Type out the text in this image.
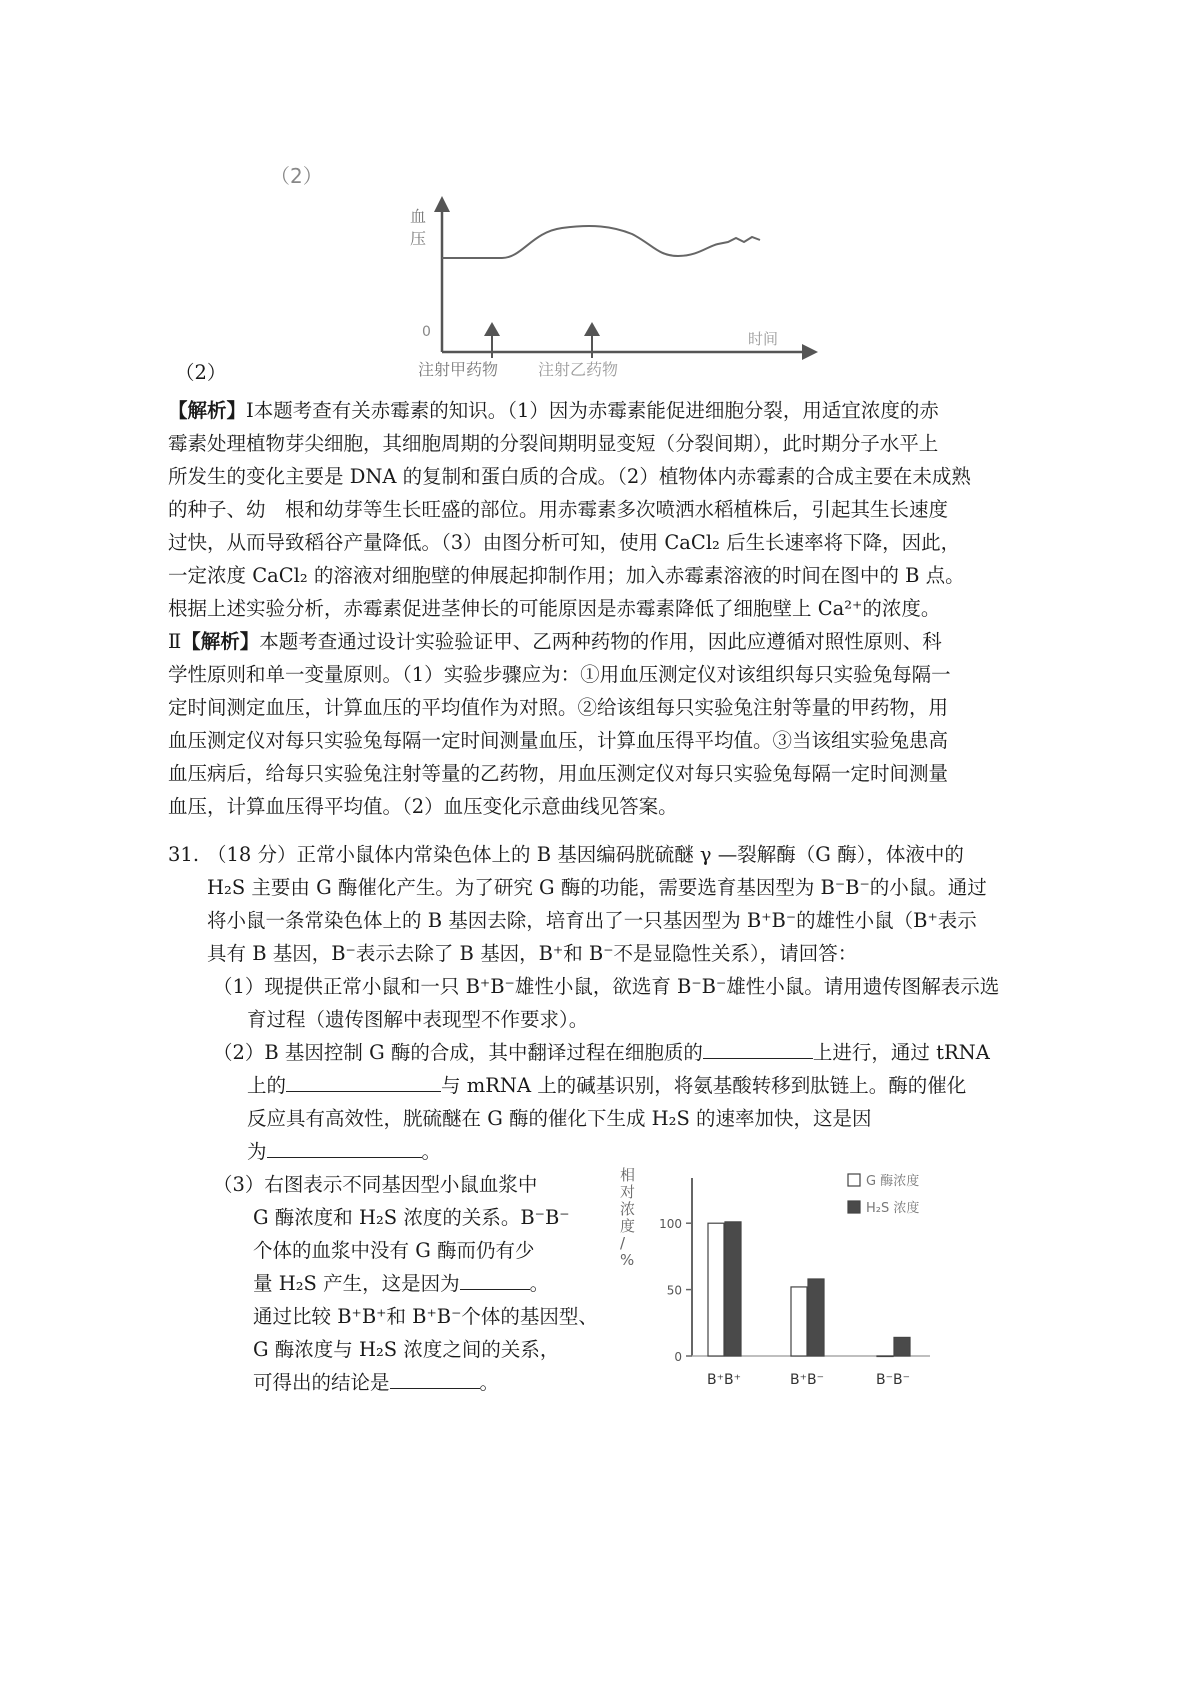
（2）
血压
0	时间
注射甲药物 注射乙药物
（2）
【解析】Ⅰ本题考查有关赤霉素的知识。（1）因为赤霉素能促进细胞分裂，用适宜浓度的赤
霉素处理植物芽尖细胞，其细胞周期的分裂间期明显变短（分裂间期），此时期分子水平上
所发生的变化主要是 DNA 的复制和蛋白质的合成。（2）植物体内赤霉素的合成主要在未成熟
的种子、幼　根和幼芽等生长旺盛的部位。用赤霉素多次喷洒水稻植株后，引起其生长速度
过快，从而导致稻谷产量降低。（3）由图分析可知，使用 CaCl₂ 后生长速率将下降，因此，
一定浓度 CaCl₂ 的溶液对细胞壁的伸展起抑制作用；加入赤霉素溶液的时间在图中的 B 点。
根据上述实验分析，赤霉素促进茎伸长的可能原因是赤霉素降低了细胞壁上 Ca²⁺的浓度。
Ⅱ【解析】本题考查通过设计实验验证甲、乙两种药物的作用，因此应遵循对照性原则、科
学性原则和单一变量原则。（1）实验步骤应为：①用血压测定仪对该组织每只实验兔每隔一
定时间测定血压，计算血压的平均值作为对照。②给该组每只实验兔注射等量的甲药物，用
血压测定仪对每只实验兔每隔一定时间测量血压，计算血压得平均值。③当该组实验兔患高
血压病后，给每只实验兔注射等量的乙药物，用血压测定仪对每只实验兔每隔一定时间测量
血压，计算血压得平均值。（2）血压变化示意曲线见答案。
31. （18 分）正常小鼠体内常染色体上的 B 基因编码胱硫醚 γ —裂解酶（G 酶），体液中的
H₂S 主要由 G 酶催化产生。为了研究 G 酶的功能，需要选育基因型为 B⁻B⁻的小鼠。通过
将小鼠一条常染色体上的 B 基因去除，培育出了一只基因型为 B⁺B⁻的雄性小鼠（B⁺表示
具有 B 基因，B⁻表示去除了 B 基因，B⁺和 B⁻不是显隐性关系），请回答：
（1）现提供正常小鼠和一只 B⁺B⁻雄性小鼠，欲选育 B⁻B⁻雄性小鼠。请用遗传图解表示选
育过程（遗传图解中表现型不作要求）。
（2）B 基因控制 G 酶的合成，其中翻译过程在细胞质的	上进行，通过 tRNA
上的	与 mRNA 上的碱基识别，将氨基酸转移到肽链上。酶的催化
反应具有高效性，胱硫醚在 G 酶的催化下生成 H₂S 的速率加快，这是因
为	。
（3）右图表示不同基因型小鼠血浆中
G 酶浓度和 H₂S 浓度的关系。B⁻B⁻
个体的血浆中没有 G 酶而仍有少
量 H₂S 产生，这是因为	。
通过比较 B⁺B⁺和 B⁺B⁻个体的基因型、
G 酶浓度与 H₂S 浓度之间的关系，
可得出的结论是	。
相对浓度/ %
0
50
100
B⁺B⁺	B⁺B⁻	B⁻B⁻
G 酶浓度
H₂S 浓度
